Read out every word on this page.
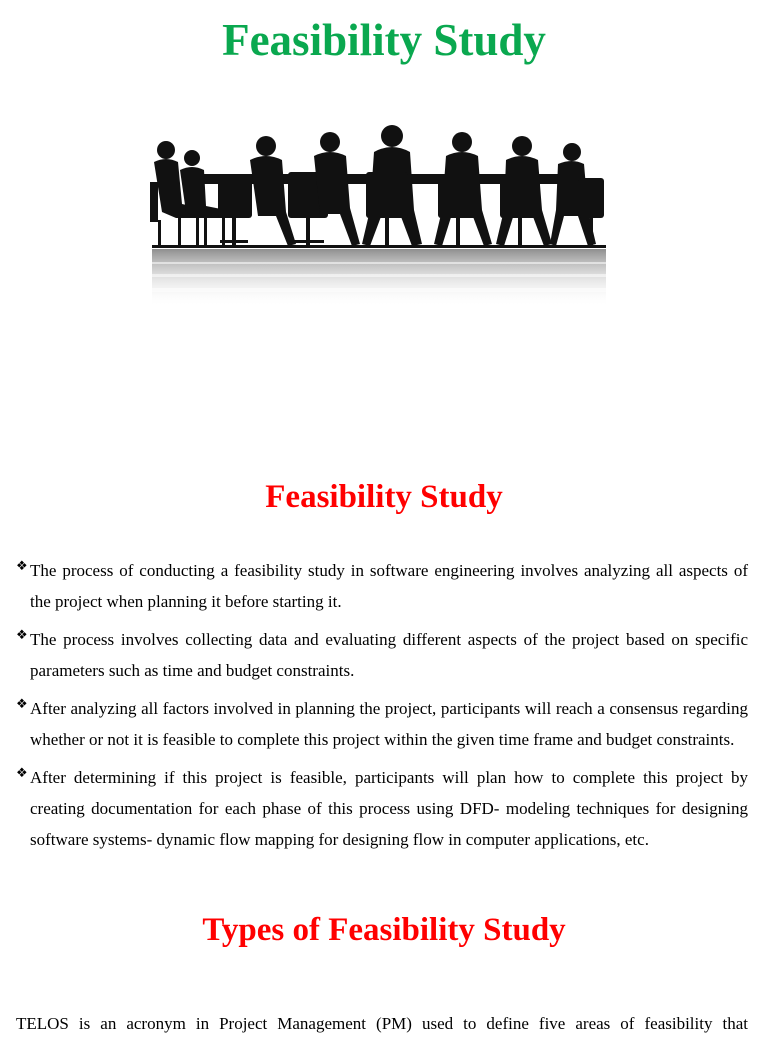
Feasibility Study
Feasibility Study
❖ The process of conducting a feasibility study in software engineering involves analyzing all aspects of the project when planning it before starting it.
❖ The process involves collecting data and evaluating different aspects of the project based on specific parameters such as time and budget constraints.
❖ After analyzing all factors involved in planning the project, participants will reach a consensus regarding whether or not it is feasible to complete this project within the given time frame and budget constraints.
❖ After determining if this project is feasible, participants will plan how to complete this project by creating documentation for each phase of this process using DFD- modeling techniques for designing software systems- dynamic flow mapping for designing flow in computer applications, etc.
Types of Feasibility Study

TELOS is an acronym in Project Management (PM) used to define five areas of feasibility that
